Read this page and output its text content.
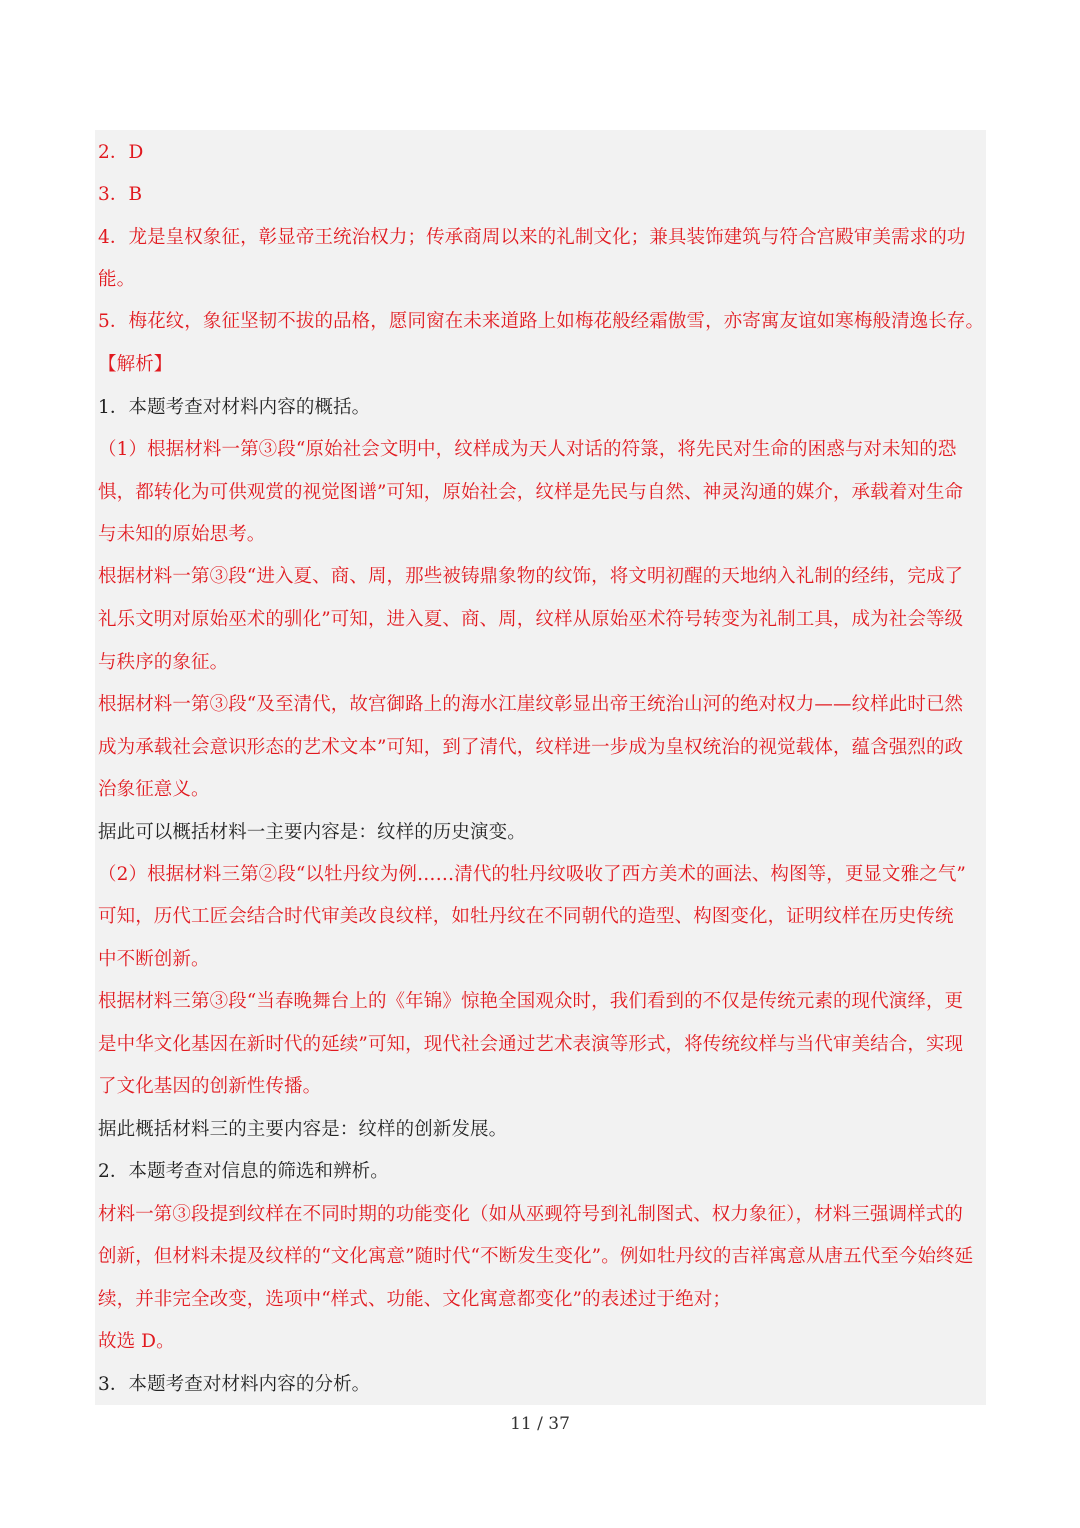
2．D
3．B
4．龙是皇权象征，彰显帝王统治权力；传承商周以来的礼制文化；兼具装饰建筑与符合宫殿审美需求的功
能。
5．梅花纹，象征坚韧不拔的品格，愿同窗在未来道路上如梅花般经霜傲雪，亦寄寓友谊如寒梅般清逸长存。
【解析】
1．本题考查对材料内容的概括。
（1）根据材料一第③段“原始社会文明中，纹样成为天人对话的符箓，将先民对生命的困惑与对未知的恐
惧，都转化为可供观赏的视觉图谱”可知，原始社会，纹样是先民与自然、神灵沟通的媒介，承载着对生命
与未知的原始思考。
根据材料一第③段“进入夏、商、周，那些被铸鼎象物的纹饰，将文明初醒的天地纳入礼制的经纬，完成了
礼乐文明对原始巫术的驯化”可知，进入夏、商、周，纹样从原始巫术符号转变为礼制工具，成为社会等级
与秩序的象征。
根据材料一第③段“及至清代，故宫御路上的海水江崖纹彰显出帝王统治山河的绝对权力——纹样此时已然
成为承载社会意识形态的艺术文本”可知，到了清代，纹样进一步成为皇权统治的视觉载体，蕴含强烈的政
治象征意义。
据此可以概括材料一主要内容是：纹样的历史演变。
（2）根据材料三第②段“以牡丹纹为例……清代的牡丹纹吸收了西方美术的画法、构图等，更显文雅之气”
可知，历代工匠会结合时代审美改良纹样，如牡丹纹在不同朝代的造型、构图变化，证明纹样在历史传统
中不断创新。
根据材料三第③段“当春晚舞台上的《年锦》惊艳全国观众时，我们看到的不仅是传统元素的现代演绎，更
是中华文化基因在新时代的延续”可知，现代社会通过艺术表演等形式，将传统纹样与当代审美结合，实现
了文化基因的创新性传播。
据此概括材料三的主要内容是：纹样的创新发展。
2．本题考查对信息的筛选和辨析。
材料一第③段提到纹样在不同时期的功能变化（如从巫觋符号到礼制图式、权力象征），材料三强调样式的
创新，但材料未提及纹样的“文化寓意”随时代“不断发生变化”。例如牡丹纹的吉祥寓意从唐五代至今始终延
续，并非完全改变，选项中“样式、功能、文化寓意都变化”的表述过于绝对；
故选 D。
3．本题考查对材料内容的分析。
11 / 37
